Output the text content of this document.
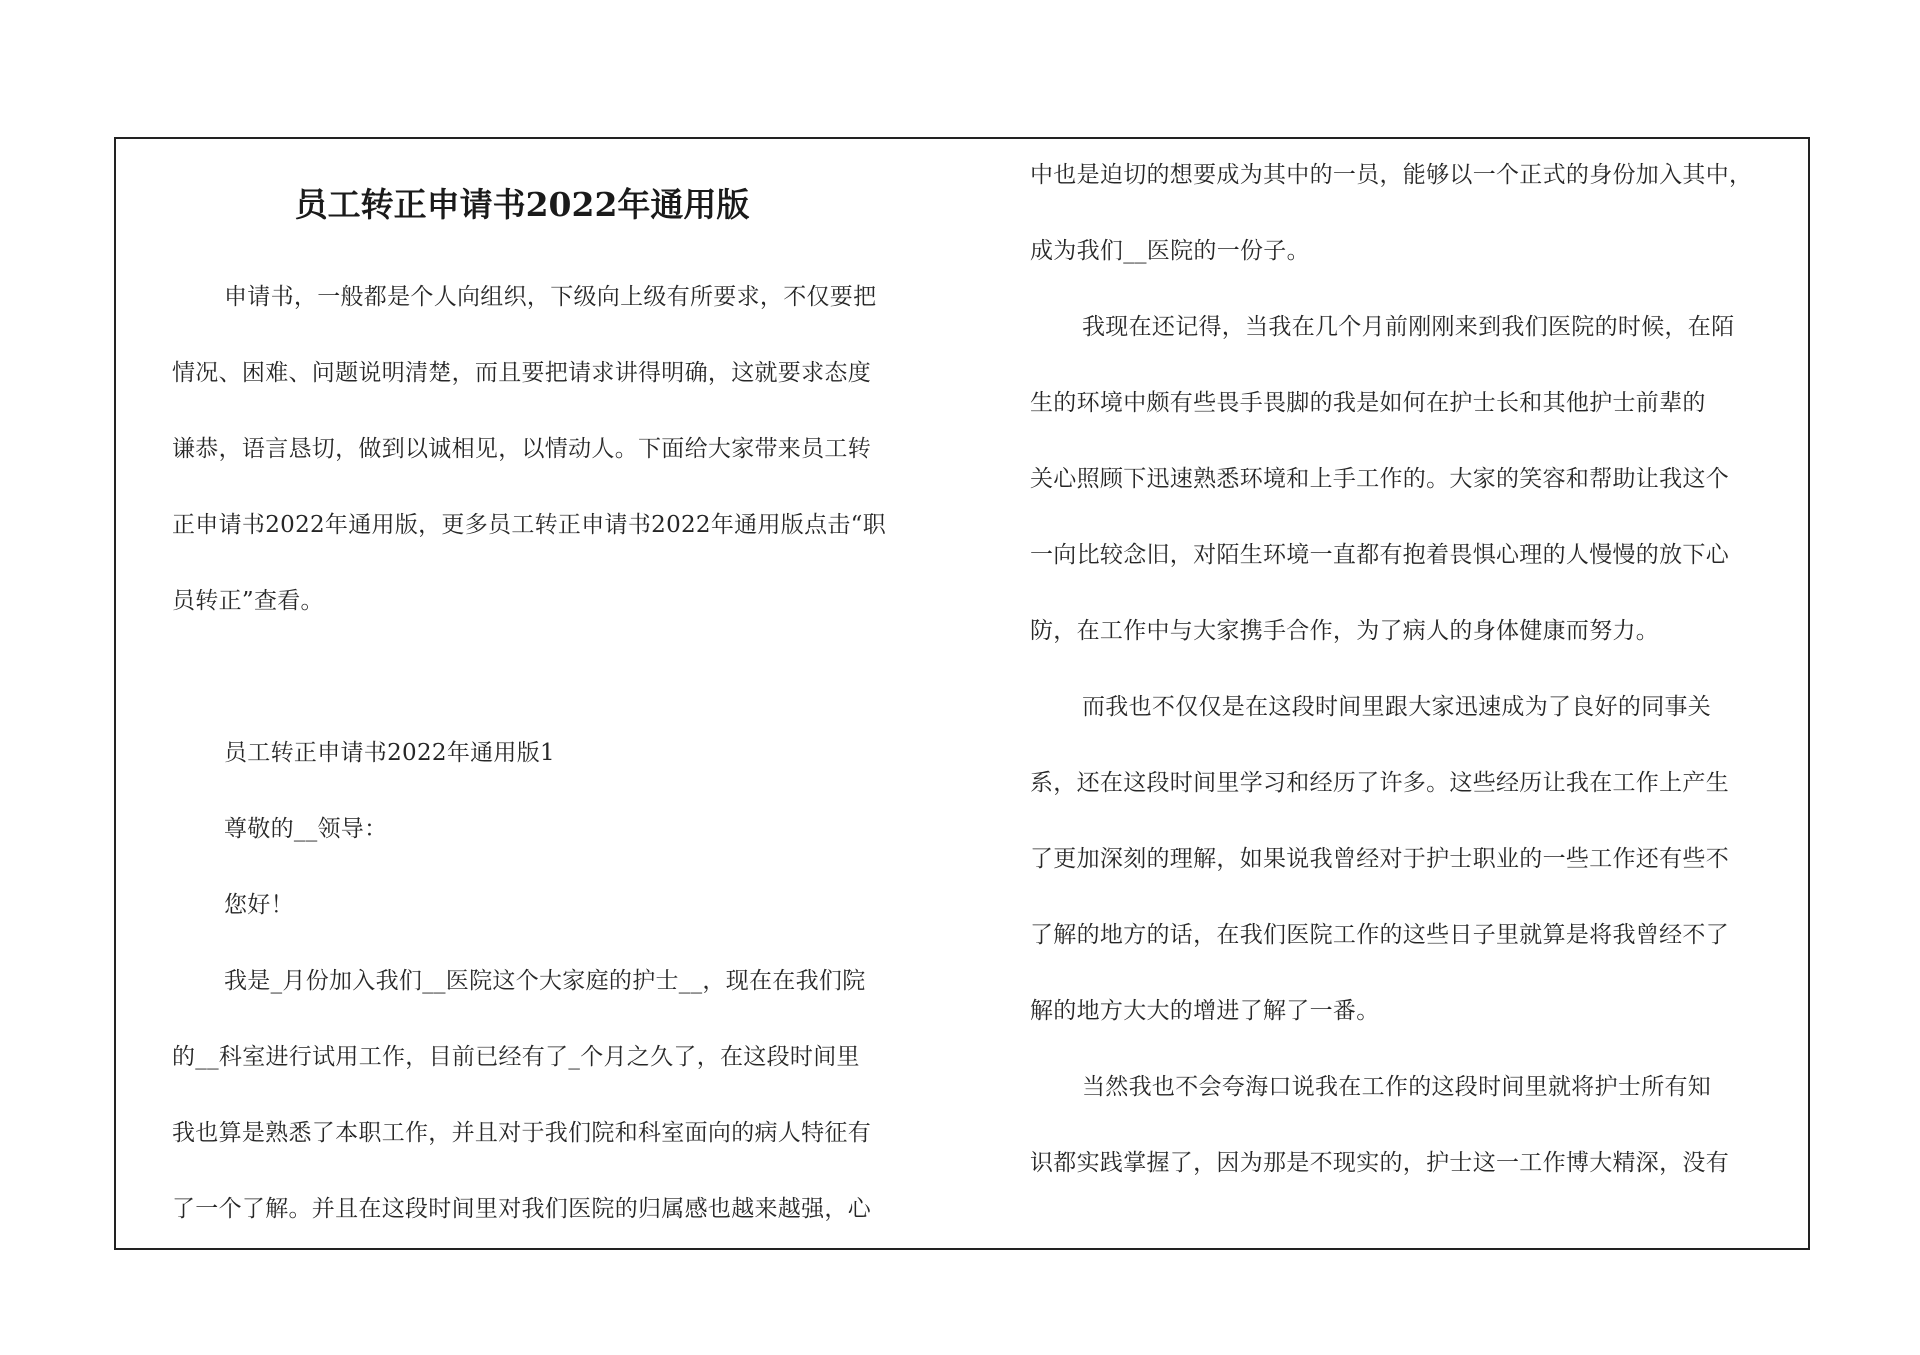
员工转正申请书2022年通用版

申请书，一般都是个人向组织，下级向上级有所要求，不仅要把

情况、困难、问题说明清楚，而且要把请求讲得明确，这就要求态度

谦恭，语言恳切，做到以诚相见，以情动人。下面给大家带来员工转

正申请书2022年通用版，更多员工转正申请书2022年通用版点击“职

员转正”查看。

员工转正申请书2022年通用版1

尊敬的__领导：

您好！

我是_月份加入我们__医院这个大家庭的护士__，现在在我们院

的__科室进行试用工作，目前已经有了_个月之久了，在这段时间里

我也算是熟悉了本职工作，并且对于我们院和科室面向的病人特征有

了一个了解。并且在这段时间里对我们医院的归属感也越来越强，心

中也是迫切的想要成为其中的一员，能够以一个正式的身份加入其中，

成为我们__医院的一份子。

我现在还记得，当我在几个月前刚刚来到我们医院的时候，在陌

生的环境中颇有些畏手畏脚的我是如何在护士长和其他护士前辈的

关心照顾下迅速熟悉环境和上手工作的。大家的笑容和帮助让我这个

一向比较念旧，对陌生环境一直都有抱着畏惧心理的人慢慢的放下心

防，在工作中与大家携手合作，为了病人的身体健康而努力。

而我也不仅仅是在这段时间里跟大家迅速成为了良好的同事关

系，还在这段时间里学习和经历了许多。这些经历让我在工作上产生

了更加深刻的理解，如果说我曾经对于护士职业的一些工作还有些不

了解的地方的话，在我们医院工作的这些日子里就算是将我曾经不了

解的地方大大的增进了解了一番。

当然我也不会夸海口说我在工作的这段时间里就将护士所有知

识都实践掌握了，因为那是不现实的，护士这一工作博大精深，没有
